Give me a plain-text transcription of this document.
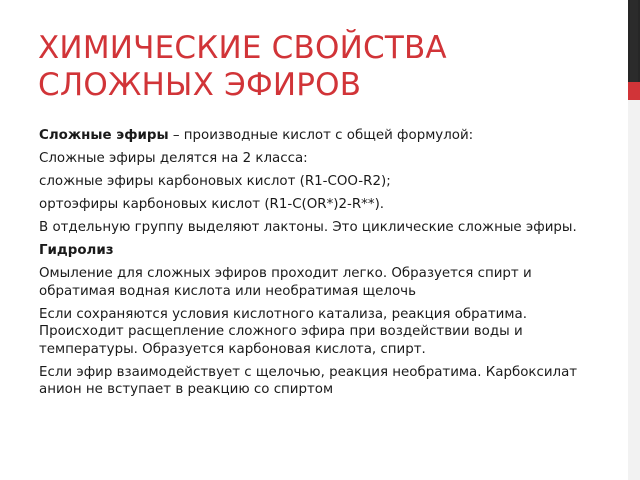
ХИМИЧЕСКИЕ СВОЙСТВА
СЛОЖНЫХ ЭФИРОВ

Сложные эфиры – производные кислот с общей формулой:

Сложные эфиры делятся на 2 класса:

сложные эфиры карбоновых кислот (R1-COO-R2);

ортоэфиры карбоновых кислот (R1-C(OR*)2-R**).

В отдельную группу выделяют лактоны. Это циклические сложные эфиры.

Гидролиз

Омыление для сложных эфиров проходит легко. Образуется спирт и обратимая водная кислота или необратимая щелочь

Если сохраняются условия кислотного катализа, реакция обратима. Происходит расщепление сложного эфира при воздействии воды и температуры. Образуется карбоновая кислота, спирт.

Если эфир взаимодействует с щелочью, реакция необратима. Карбоксилат анион не вступает в реакцию со спиртом
